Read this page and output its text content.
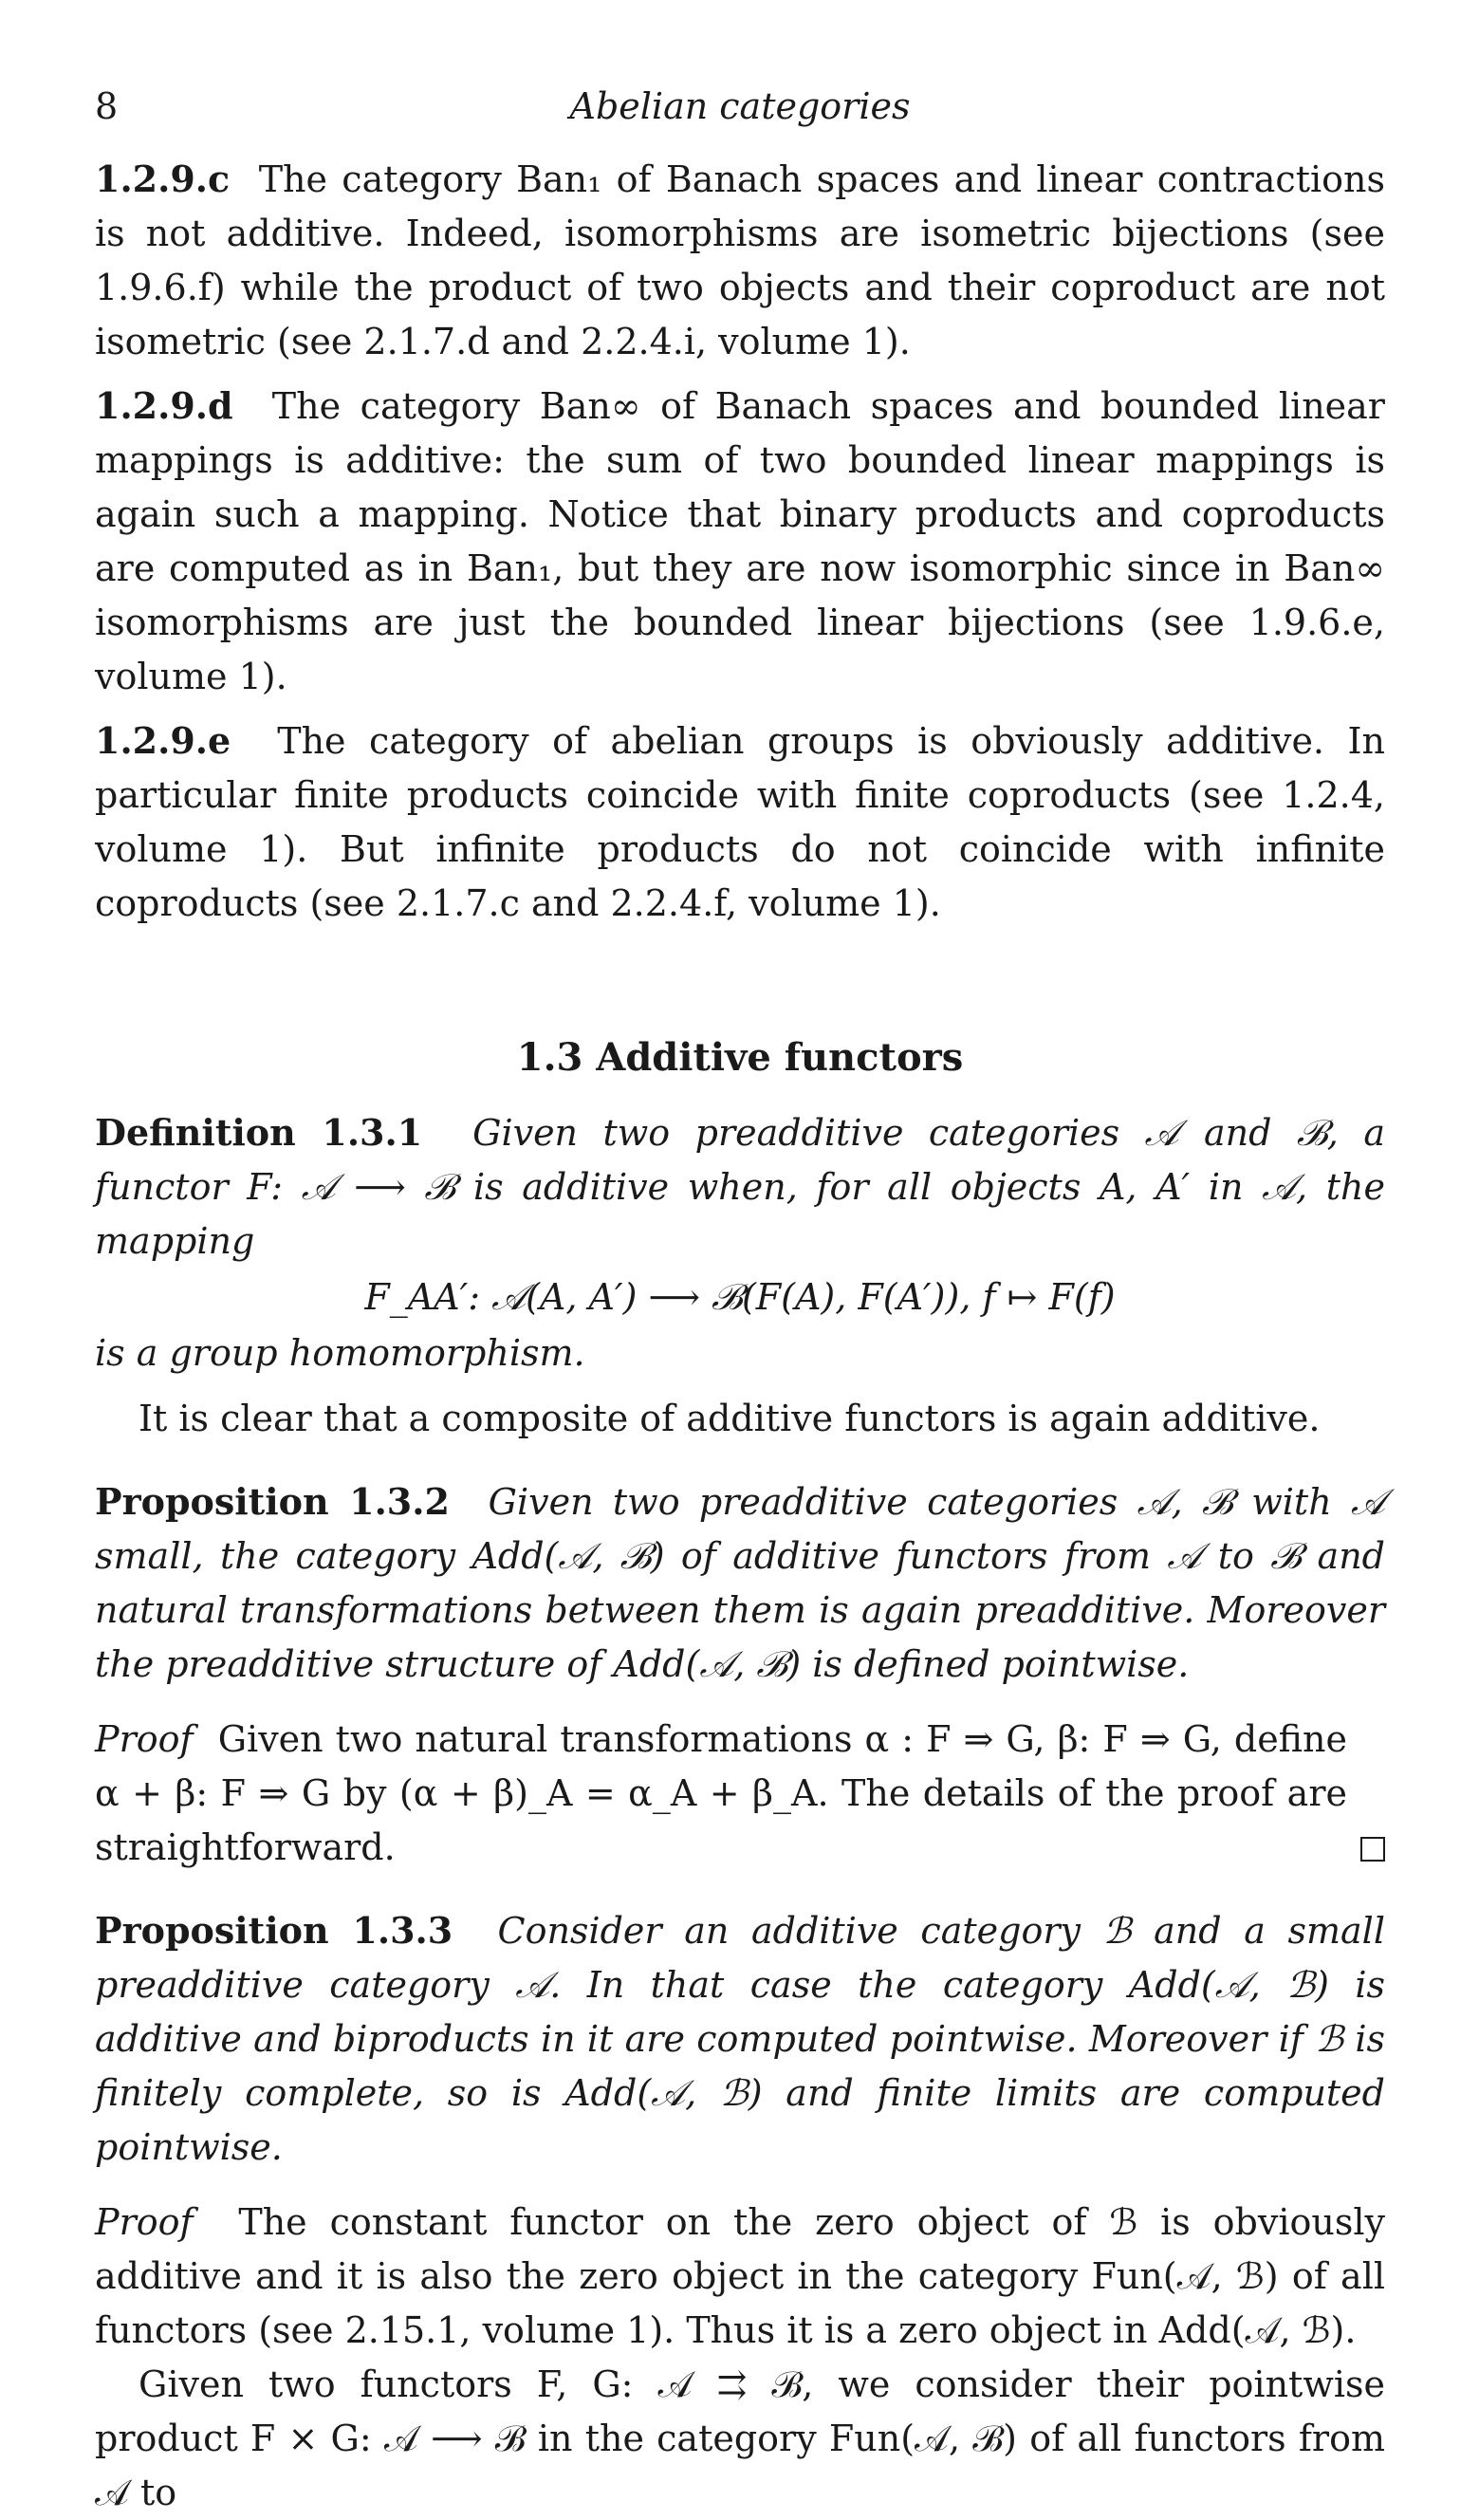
8	Abelian categories

1.2.9.c The category Ban₁ of Banach spaces and linear contractions is not additive. Indeed, isomorphisms are isometric bijections (see 1.9.6.f) while the product of two objects and their coproduct are not isometric (see 2.1.7.d and 2.2.4.i, volume 1).

1.2.9.d The category Ban∞ of Banach spaces and bounded linear mappings is additive: the sum of two bounded linear mappings is again such a mapping. Notice that binary products and coproducts are computed as in Ban₁, but they are now isomorphic since in Ban∞ isomorphisms are just the bounded linear bijections (see 1.9.6.e, volume 1).

1.2.9.e The category of abelian groups is obviously additive. In particular finite products coincide with finite coproducts (see 1.2.4, volume 1). But infinite products do not coincide with infinite coproducts (see 2.1.7.c and 2.2.4.f, volume 1).

1.3 Additive functors

Definition 1.3.1 Given two preadditive categories 𝒜 and ℬ, a functor F: 𝒜 ⟶ ℬ is additive when, for all objects A, A′ in 𝒜, the mapping

F_AA′: 𝒜(A, A′) ⟶ ℬ(F(A), F(A′)), f ↦ F(f)

is a group homomorphism.

It is clear that a composite of additive functors is again additive.

Proposition 1.3.2 Given two preadditive categories 𝒜, ℬ with 𝒜 small, the category Add(𝒜, ℬ) of additive functors from 𝒜 to ℬ and natural transformations between them is again preadditive. Moreover the preadditive structure of Add(𝒜, ℬ) is defined pointwise.

Proof Given two natural transformations α : F ⇒ G, β: F ⇒ G, define α + β: F ⇒ G by (α + β)_A = α_A + β_A. The details of the proof are straightforward.

Proposition 1.3.3 Consider an additive category ℬ and a small preadditive category 𝒜. In that case the category Add(𝒜, ℬ) is additive and biproducts in it are computed pointwise. Moreover if ℬ is finitely complete, so is Add(𝒜, ℬ) and finite limits are computed pointwise.

Proof The constant functor on the zero object of ℬ is obviously additive and it is also the zero object in the category Fun(𝒜, ℬ) of all functors (see 2.15.1, volume 1). Thus it is a zero object in Add(𝒜, ℬ).

Given two functors F, G: 𝒜 ⇉ ℬ, we consider their pointwise product F × G: 𝒜 ⟶ ℬ in the category Fun(𝒜, ℬ) of all functors from 𝒜 to
